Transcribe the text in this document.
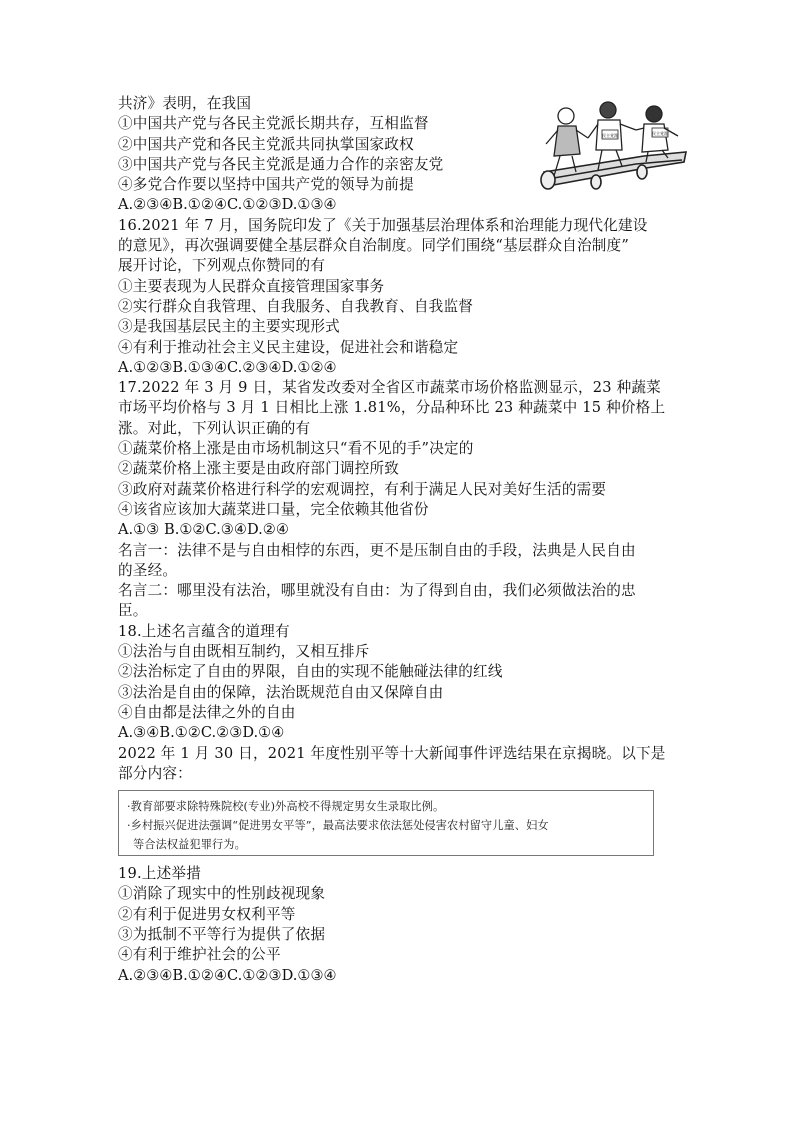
民主党派	民主党派
共济》表明，在我国
①中国共产党与各民主党派长期共存，互相监督
②中国共产党和各民主党派共同执掌国家政权
③中国共产党与各民主党派是通力合作的亲密友党
④多党合作要以坚持中国共产党的领导为前提
A.②③④B.①②④C.①②③D.①③④
16.2021 年 7 月，国务院印发了《关于加强基层治理体系和治理能力现代化建设
的意见》，再次强调要健全基层群众自治制度。同学们围绕“基层群众自治制度”
展开讨论，下列观点你赞同的有
①主要表现为人民群众直接管理国家事务
②实行群众自我管理、自我服务、自我教育、自我监督
③是我国基层民主的主要实现形式
④有利于推动社会主义民主建设，促进社会和谐稳定
A.①②③B.①③④C.②③④D.①②④
17.2022 年 3 月 9 日，某省发改委对全省区市蔬菜市场价格监测显示，23 种蔬菜
市场平均价格与 3 月 1 日相比上涨 1.81%，分品种环比 23 种蔬菜中 15 种价格上
涨。对此，下列认识正确的有
①蔬菜价格上涨是由市场机制这只“看不见的手”决定的
②蔬菜价格上涨主要是由政府部门调控所致
③政府对蔬菜价格进行科学的宏观调控，有利于满足人民对美好生活的需要
④该省应该加大蔬菜进口量，完全依赖其他省份
A.①③ B.①②C.③④D.②④
名言一：法律不是与自由相悖的东西，更不是压制自由的手段，法典是人民自由
的圣经。
名言二：哪里没有法治，哪里就没有自由：为了得到自由，我们必须做法治的忠
臣。
18.上述名言蕴含的道理有
①法治与自由既相互制约，又相互排斥
②法治标定了自由的界限，自由的实现不能触碰法律的红线
③法治是自由的保障，法治既规范自由又保障自由
④自由都是法律之外的自由
A.③④B.①②C.②③D.①④
2022 年 1 月 30 日，2021 年度性别平等十大新闻事件评选结果在京揭晓。以下是
部分内容：
·教育部要求除特殊院校(专业)外高校不得规定男女生录取比例。
·乡村振兴促进法强调“促进男女平等”，最高法要求依法惩处侵害农村留守儿童、妇女
等合法权益犯罪行为。
19.上述举措
①消除了现实中的性别歧视现象
②有利于促进男女权利平等
③为抵制不平等行为提供了依据
④有利于维护社会的公平
A.②③④B.①②④C.①②③D.①③④
